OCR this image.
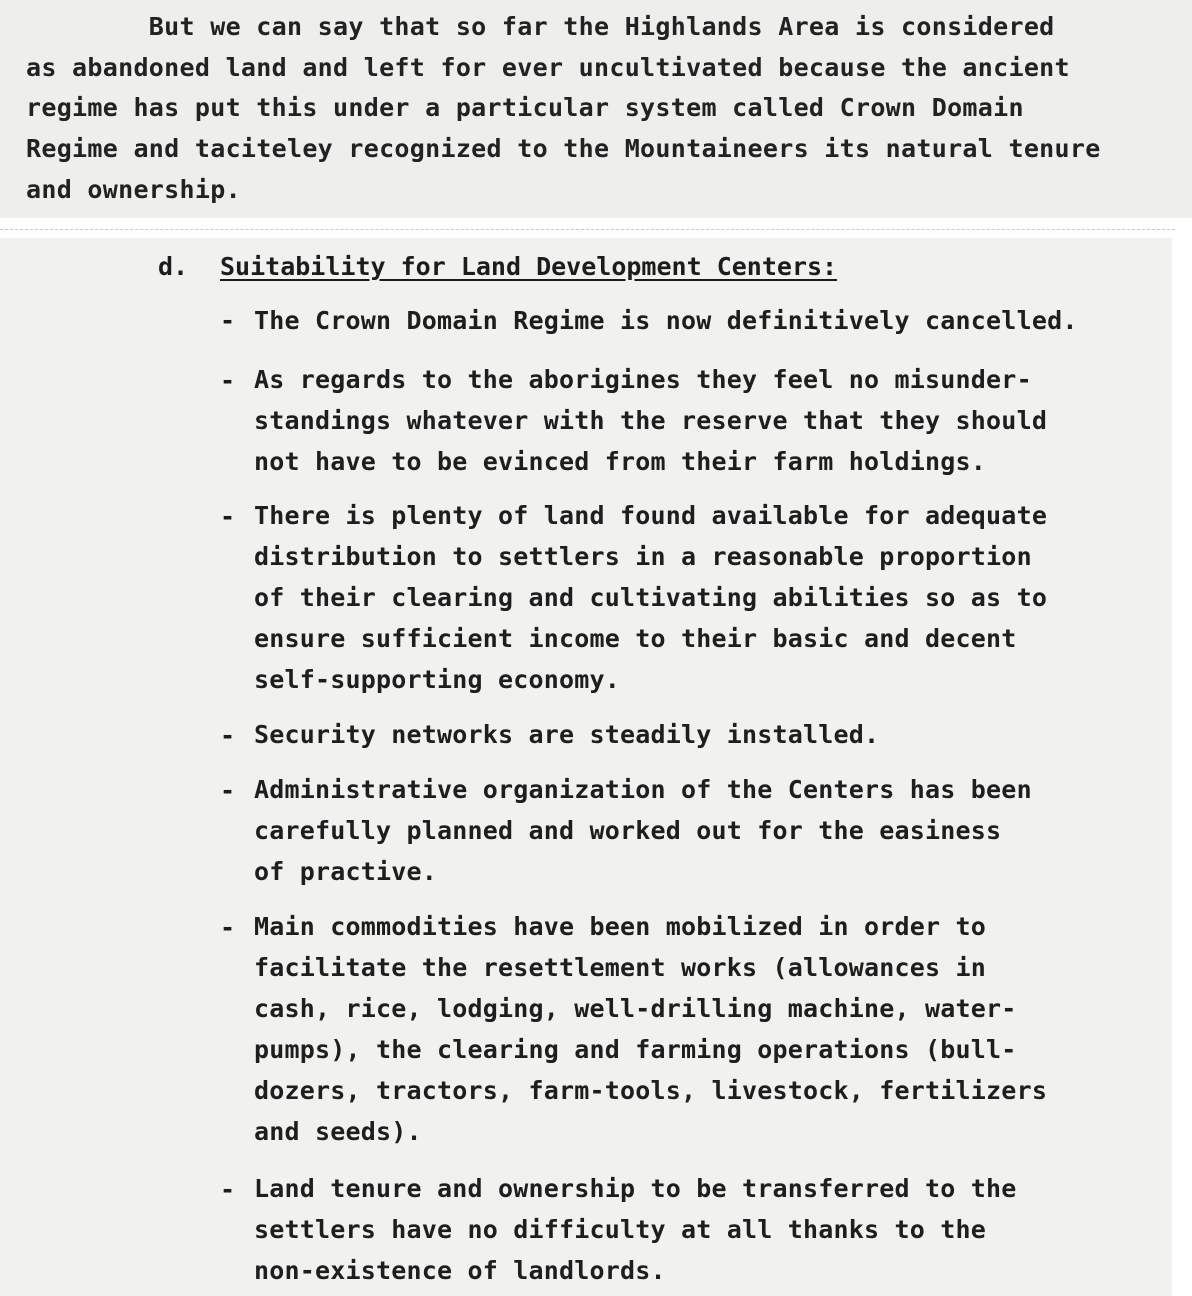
But we can say that so far the Highlands Area is considered
as abandoned land and left for ever uncultivated because the ancient
regime has put this under a particular system called Crown Domain
Regime and taciteley recognized to the Mountaineers its natural tenure
and ownership.
d. Suitability for Land Development Centers:
- The Crown Domain Regime is now definitively cancelled.
- As regards to the aborigines they feel no misunder-
standings whatever with the reserve that they should
not have to be evinced from their farm holdings.
- There is plenty of land found available for adequate
distribution to settlers in a reasonable proportion
of their clearing and cultivating abilities so as to
ensure sufficient income to their basic and decent
self-supporting economy.
- Security networks are steadily installed.
- Administrative organization of the Centers has been
carefully planned and worked out for the easiness
of practive.
- Main commodities have been mobilized in order to
facilitate the resettlement works (allowances in
cash, rice, lodging, well-drilling machine, water-
pumps), the clearing and farming operations (bull-
dozers, tractors, farm-tools, livestock, fertilizers
and seeds).
- Land tenure and ownership to be transferred to the
settlers have no difficulty at all thanks to the
non-existence of landlords.
